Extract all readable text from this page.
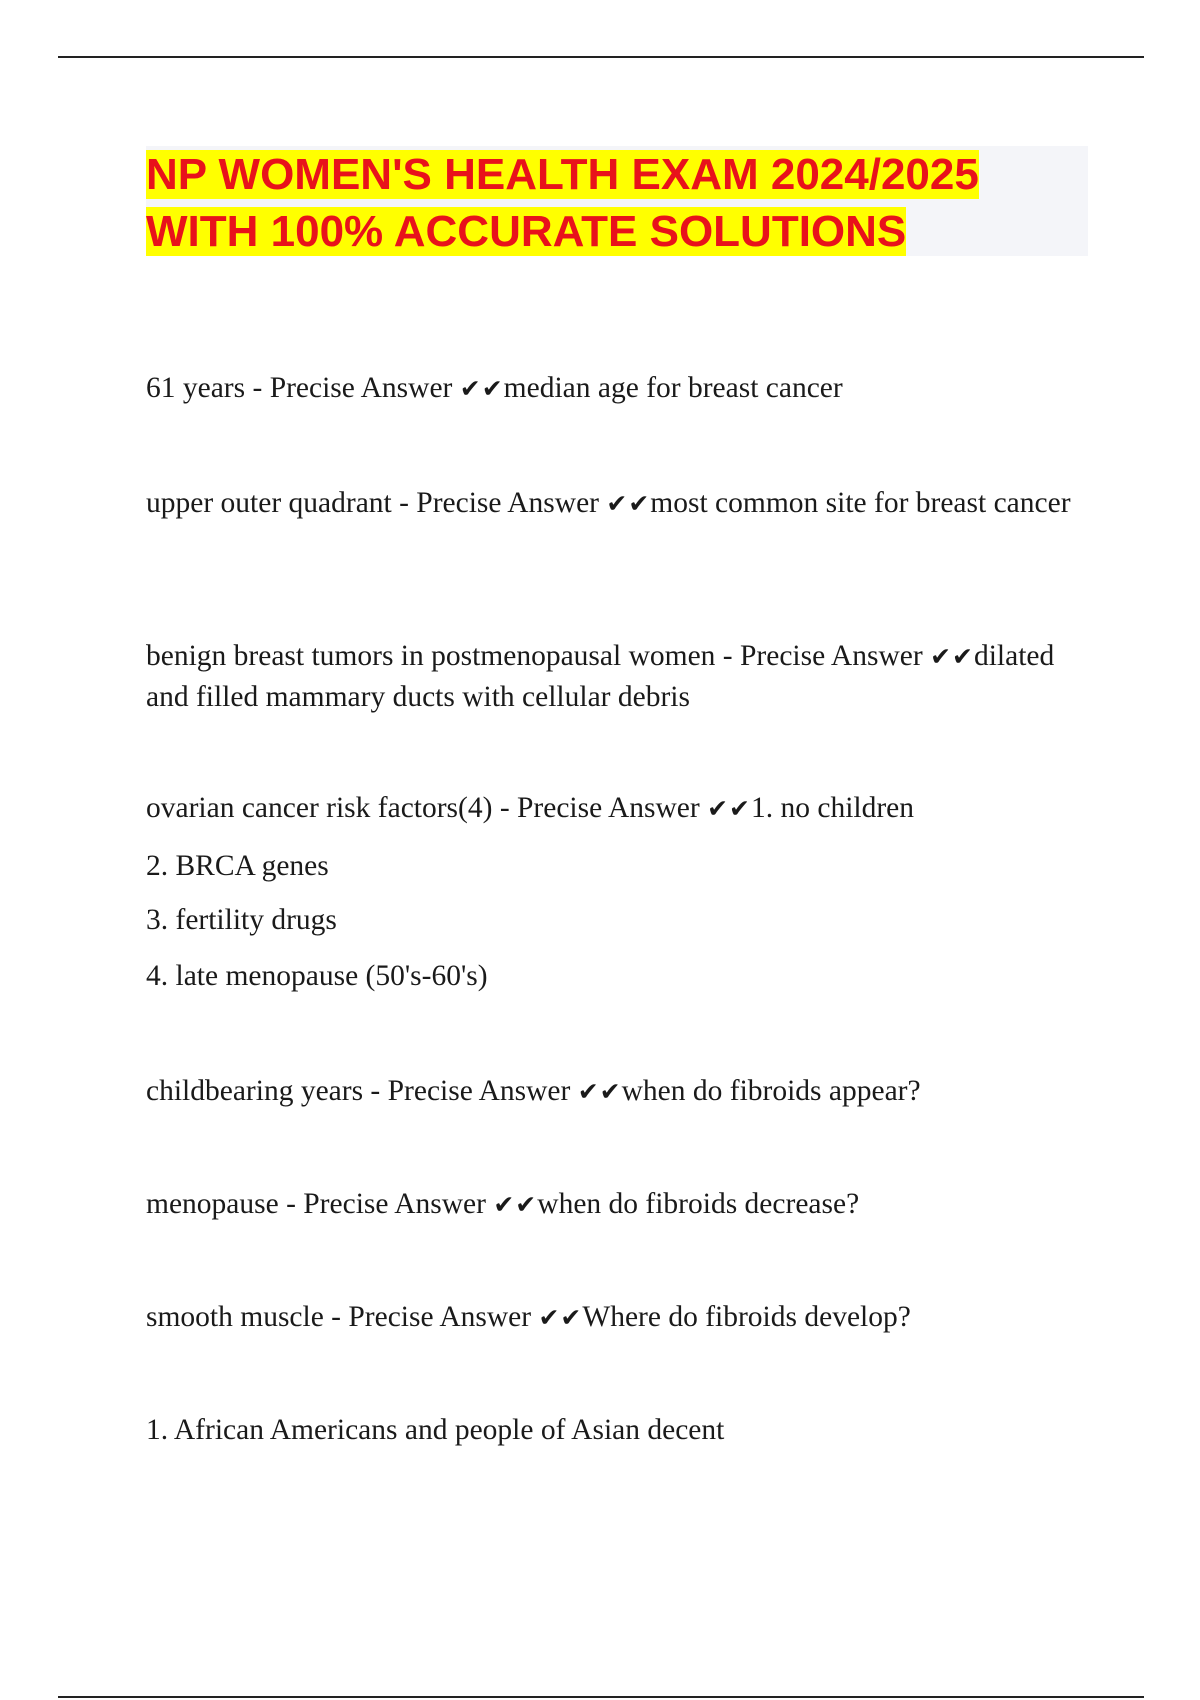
NP WOMEN'S HEALTH EXAM 2024/2025
WITH 100% ACCURATE SOLUTIONS

61 years - Precise Answer ✔✔median age for breast cancer

upper outer quadrant - Precise Answer ✔✔most common site for breast cancer

benign breast tumors in postmenopausal women - Precise Answer ✔✔dilated and filled mammary ducts with cellular debris

ovarian cancer risk factors(4) - Precise Answer ✔✔1. no children

2. BRCA genes

3. fertility drugs

4. late menopause (50's-60's)

childbearing years - Precise Answer ✔✔when do fibroids appear?

menopause - Precise Answer ✔✔when do fibroids decrease?

smooth muscle - Precise Answer ✔✔Where do fibroids develop?

1. African Americans and people of Asian decent
